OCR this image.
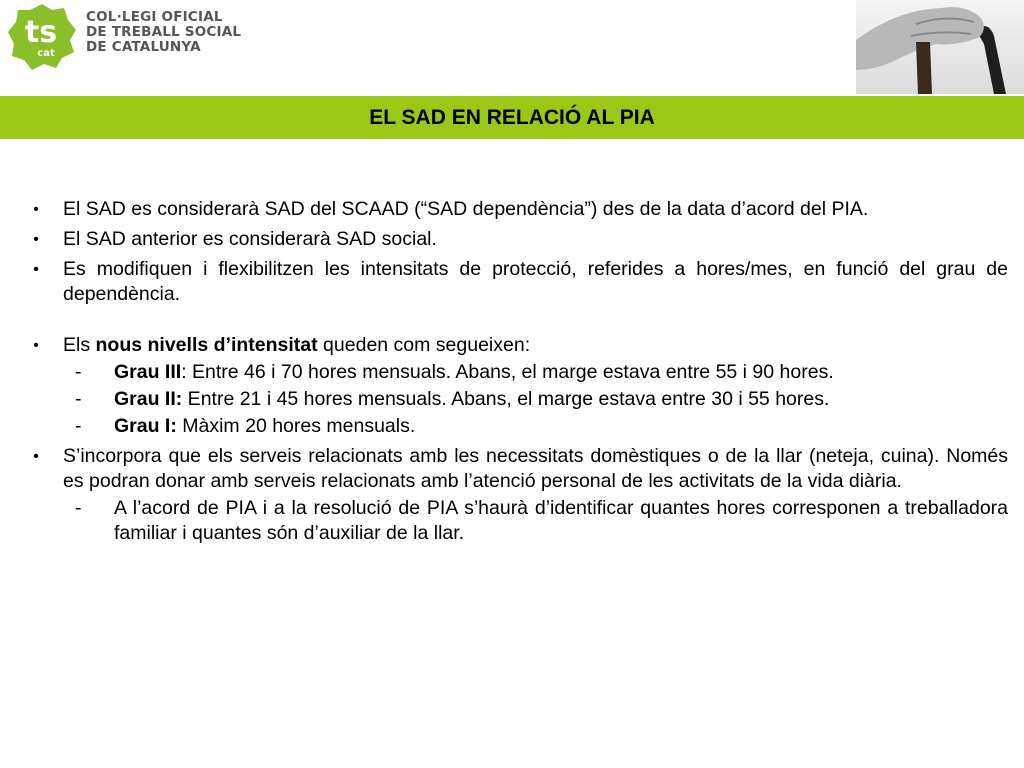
ts
cat
COL·LEGI OFICIAL
DE TREBALL SOCIAL
DE CATALUNYA
EL SAD EN RELACIÓ AL PIA
• El SAD es considerarà SAD del SCAAD (“SAD dependència”) des de la data d’acord del PIA.
• El SAD anterior es considerarà SAD social.
• Es modifiquen i flexibilitzen les intensitats de protecció, referides a hores/mes, en funció del grau de dependència.
• Els nous nivells d’intensitat queden com segueixen:
- Grau III: Entre 46 i 70 hores mensuals. Abans, el marge estava entre 55 i 90 hores.
- Grau II: Entre 21 i 45 hores mensuals. Abans, el marge estava entre 30 i 55 hores.
- Grau I: Màxim 20 hores mensuals.
• S’incorpora que els serveis relacionats amb les necessitats domèstiques o de la llar (neteja, cuina). Només es podran donar amb serveis relacionats amb l’atenció personal de les activitats de la vida diària.
- A l’acord de PIA i a la resolució de PIA s’haurà d’identificar quantes hores corresponen a treballadora familiar i quantes són d’auxiliar de la llar.
